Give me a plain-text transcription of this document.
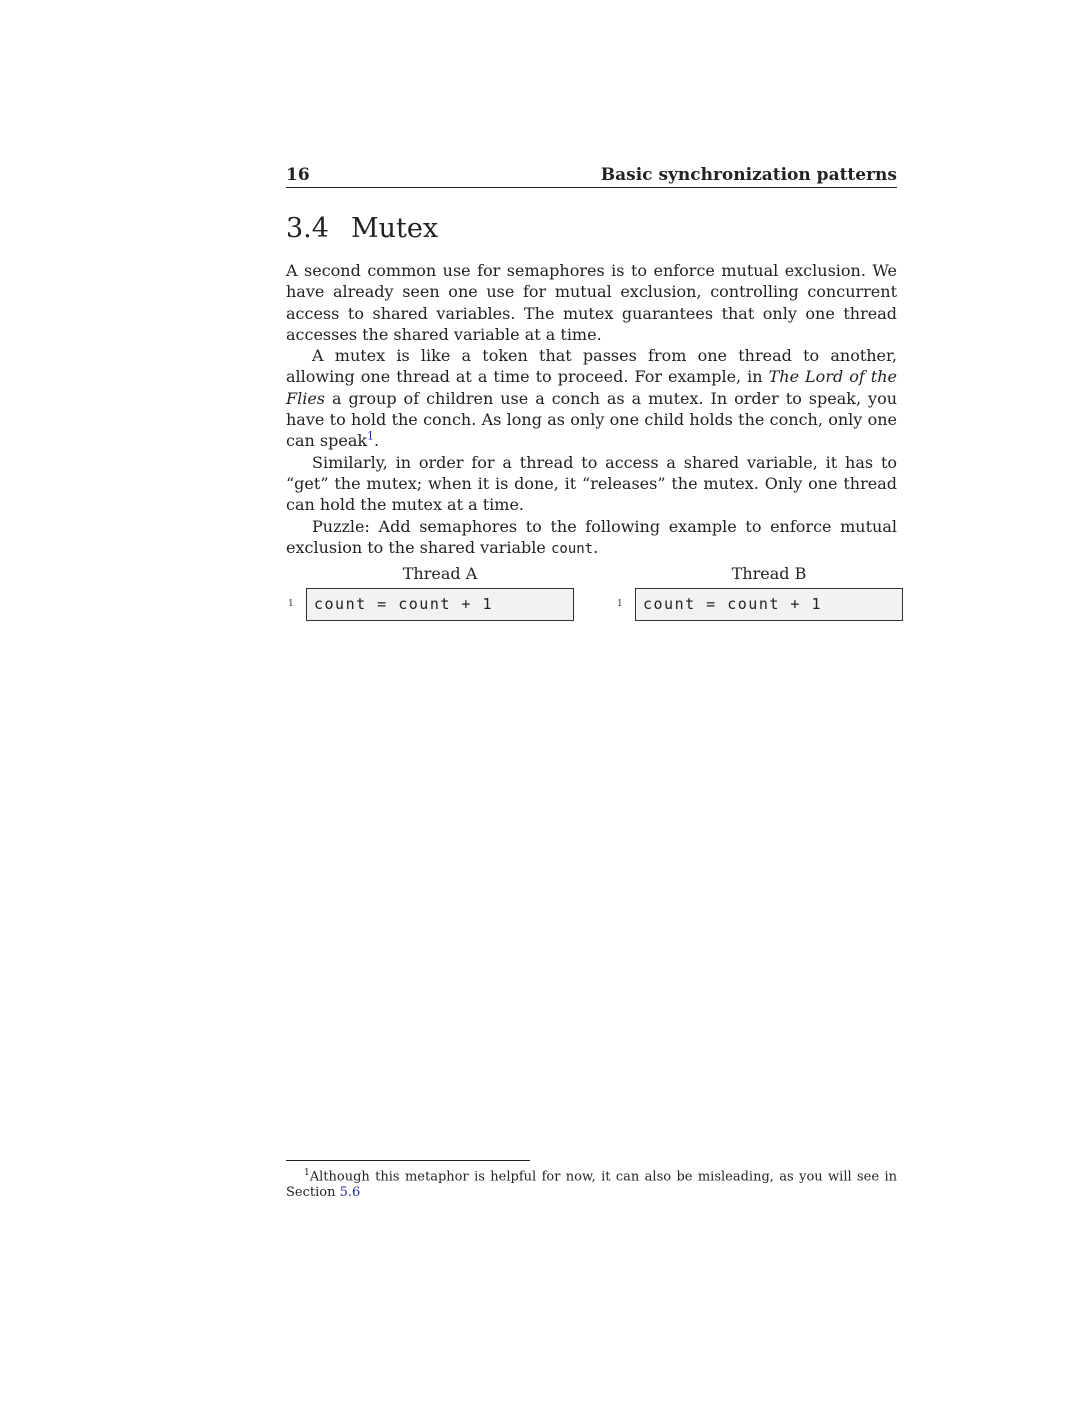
16	Basic synchronization patterns
3.4 Mutex

A second common use for semaphores is to enforce mutual exclusion. We have already seen one use for mutual exclusion, controlling concurrent access to shared variables. The mutex guarantees that only one thread accesses the shared variable at a time.

A mutex is like a token that passes from one thread to another, allowing one thread at a time to proceed. For example, in The Lord of the Flies a group of children use a conch as a mutex. In order to speak, you have to hold the conch. As long as only one child holds the conch, only one can speak$^1$.

Similarly, in order for a thread to access a shared variable, it has to “get” the mutex; when it is done, it “releases” the mutex. Only one thread can hold the mutex at a time.

Puzzle: Add semaphores to the following example to enforce mutual exclusion to the shared variable count.

Thread A
1	count = count + 1
Thread B
1	count = count + 1
$^1$Although this metaphor is helpful for now, it can also be misleading, as you will see in Section 5.6
